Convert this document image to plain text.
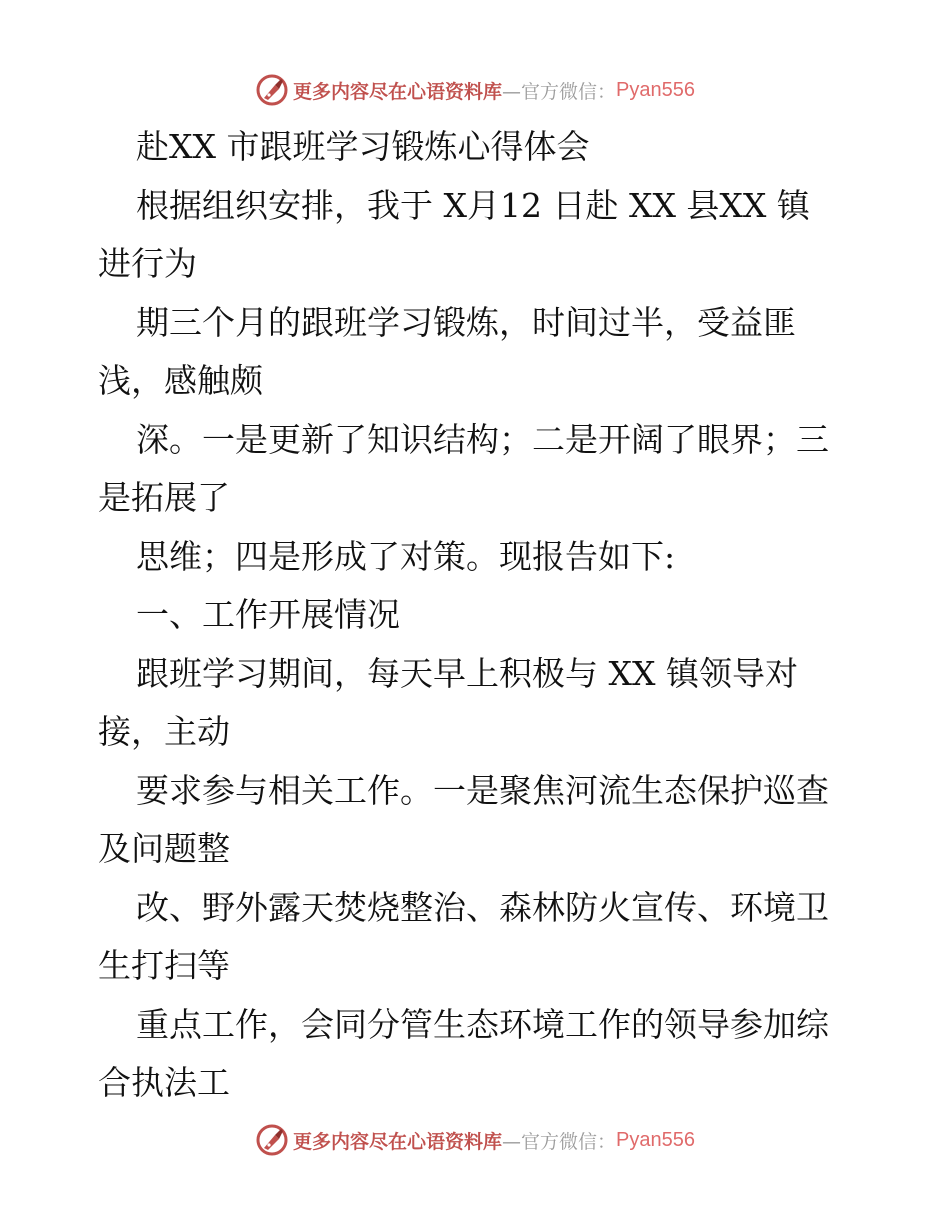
更多内容尽在心语资料库 —官方微信： Pyan556
赴XX 市跟班学习锻炼心得体会
根据组织安排，我于 X月12 日赴 XX 县XX 镇
进行为
期三个月的跟班学习锻炼，时间过半，受益匪
浅，感触颇
深。一是更新了知识结构；二是开阔了眼界；三
是拓展了
思维；四是形成了对策。现报告如下:
一、工作开展情况
跟班学习期间，每天早上积极与 XX 镇领导对
接，主动
要求参与相关工作。一是聚焦河流生态保护巡查
及问题整
改、野外露天焚烧整治、森林防火宣传、环境卫
生打扫等
重点工作，会同分管生态环境工作的领导参加综
合执法工
更多内容尽在心语资料库 —官方微信： Pyan556
